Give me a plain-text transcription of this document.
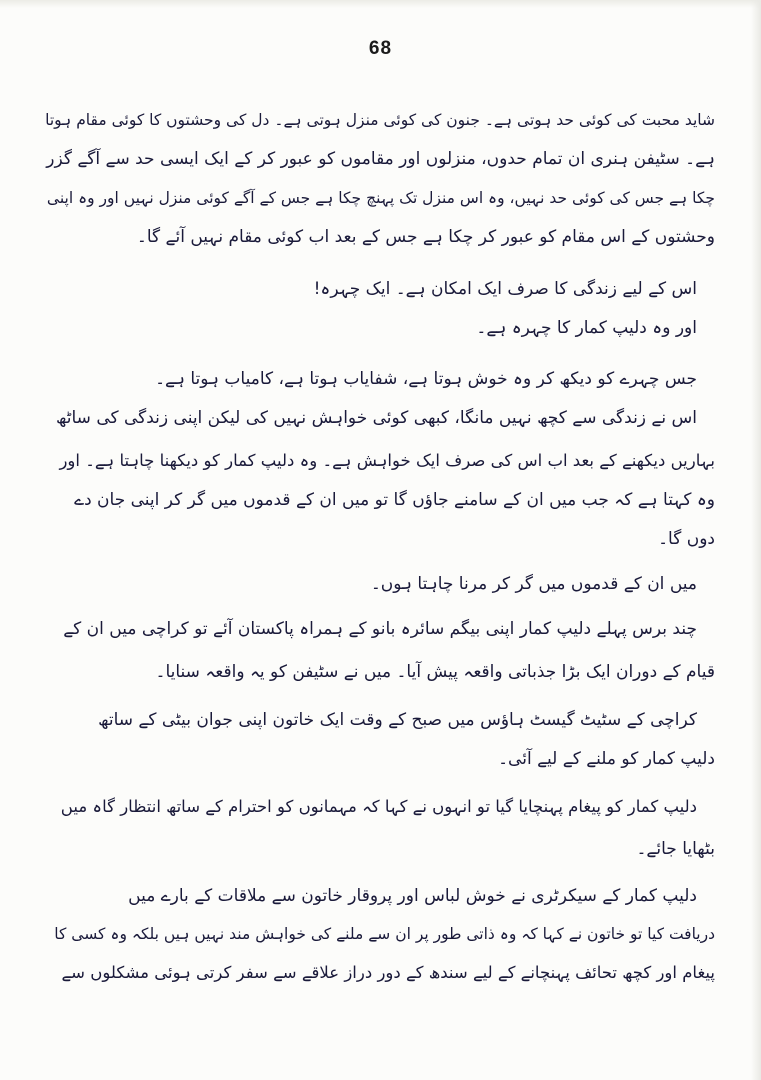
68
شاید محبت کی کوئی حد ہوتی ہے۔ جنون کی کوئی منزل ہوتی ہے۔ دل کی وحشتوں کا کوئی مقام ہوتا
ہے۔ سٹیفن ہنری ان تمام حدوں، منزلوں اور مقاموں کو عبور کر کے ایک ایسی حد سے آگے گزر
چکا ہے جس کی کوئی حد نہیں، وہ اس منزل تک پہنچ چکا ہے جس کے آگے کوئی منزل نہیں اور وہ اپنی
وحشتوں کے اس مقام کو عبور کر چکا ہے جس کے بعد اب کوئی مقام نہیں آئے گا۔
اس کے لیے زندگی کا صرف ایک امکان ہے۔ ایک چہرہ!
اور وہ دلیپ کمار کا چہرہ ہے۔
جس چہرے کو دیکھ کر وہ خوش ہوتا ہے، شفایاب ہوتا ہے، کامیاب ہوتا ہے۔
اس نے زندگی سے کچھ نہیں مانگا، کبھی کوئی خواہش نہیں کی لیکن اپنی زندگی کی ساٹھ
بہاریں دیکھنے کے بعد اب اس کی صرف ایک خواہش ہے۔ وہ دلیپ کمار کو دیکھنا چاہتا ہے۔ اور
وہ کہتا ہے کہ جب میں ان کے سامنے جاؤں گا تو میں ان کے قدموں میں گر کر اپنی جان دے
دوں گا۔
میں ان کے قدموں میں گر کر مرنا چاہتا ہوں۔
چند برس پہلے دلیپ کمار اپنی بیگم سائرہ بانو کے ہمراہ پاکستان آئے تو کراچی میں ان کے
قیام کے دوران ایک بڑا جذباتی واقعہ پیش آیا۔ میں نے سٹیفن کو یہ واقعہ سنایا۔
کراچی کے سٹیٹ گیسٹ ہاؤس میں صبح کے وقت ایک خاتون اپنی جوان بیٹی کے ساتھ
دلیپ کمار کو ملنے کے لیے آئی۔
دلیپ کمار کو پیغام پہنچایا گیا تو انہوں نے کہا کہ مہمانوں کو احترام کے ساتھ انتظار گاہ میں
بٹھایا جائے۔
دلیپ کمار کے سیکرٹری نے خوش لباس اور پروقار خاتون سے ملاقات کے بارے میں
دریافت کیا تو خاتون نے کہا کہ وہ ذاتی طور پر ان سے ملنے کی خواہش مند نہیں ہیں بلکہ وہ کسی کا
پیغام اور کچھ تحائف پہنچانے کے لیے سندھ کے دور دراز علاقے سے سفر کرتی ہوئی مشکلوں سے
